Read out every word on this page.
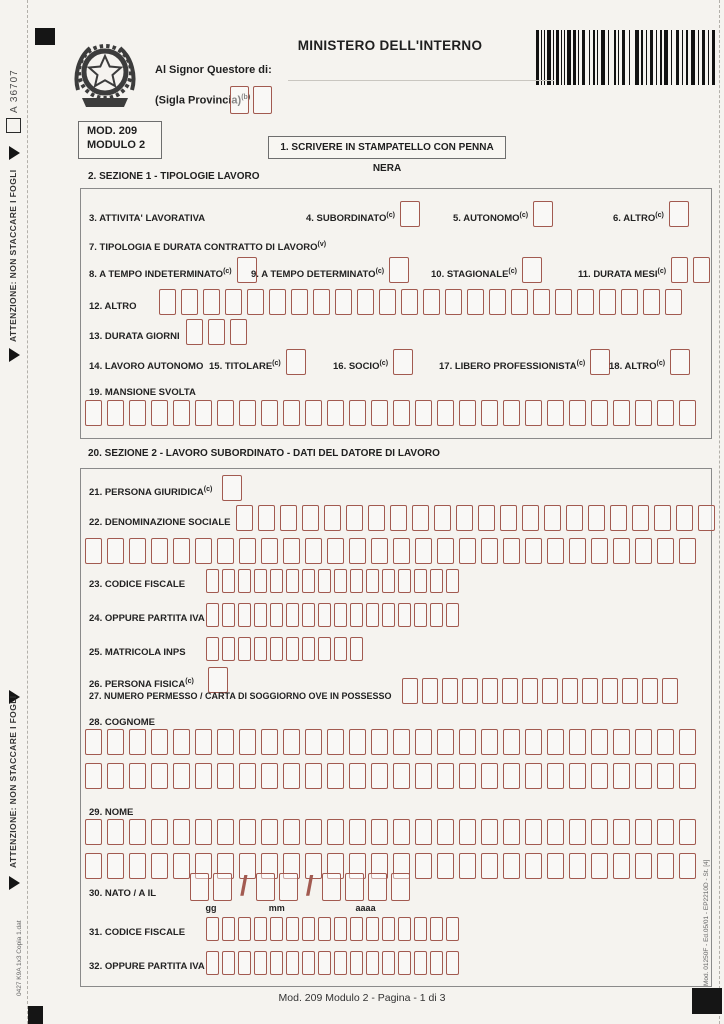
A 36707
ATTENZIONE: NON STACCARE I FOGLI
ATTENZIONE: NON STACCARE I FOGLI
0427 K9A 1x3 Copia 1.dat	Mod. 01250F - Ed.05/01 - EP2210D - St. [4]
MINISTERO DELL'INTERNO
Al Signor Questore di:
(Sigla Provincia)$^{(b)}$
MOD. 209
MODULO 2	1. SCRIVERE IN STAMPATELLO CON PENNA NERA
2. SEZIONE 1 - TIPOLOGIE LAVORO
3. ATTIVITA' LAVORATIVA	4. SUBORDINATO$^{(c)}$	5. AUTONOMO$^{(c)}$	6. ALTRO$^{(c)}$
7. TIPOLOGIA E DURATA CONTRATTO DI LAVORO$^{(v)}$
8. A TEMPO INDETERMINATO$^{(c)}$ 9. A TEMPO DETERMINATO$^{(c)}$	10. STAGIONALE$^{(c)}$	11. DURATA MESI$^{(c)}$
12. ALTRO
13. DURATA GIORNI
14. LAVORO AUTONOMO 15. TITOLARE$^{(c)}$	16. SOCIO$^{(c)}$	17. LIBERO PROFESSIONISTA$^{(c)}$	18. ALTRO$^{(c)}$
19. MANSIONE SVOLTA
20. SEZIONE 2 - LAVORO SUBORDINATO - DATI DEL DATORE DI LAVORO
21. PERSONA GIURIDICA$^{(c)}$
22. DENOMINAZIONE SOCIALE
23. CODICE FISCALE
24. OPPURE PARTITA IVA
25. MATRICOLA INPS
26. PERSONA FISICA$^{(c)}$
27. NUMERO PERMESSO / CARTA DI SOGGIORNO OVE IN POSSESSO
28. COGNOME
29. NOME
30. NATO / A IL
gg
/
mm
/
aaaa
31. CODICE FISCALE
32. OPPURE PARTITA IVA
Mod. 209 Modulo 2 - Pagina - 1 di 3
